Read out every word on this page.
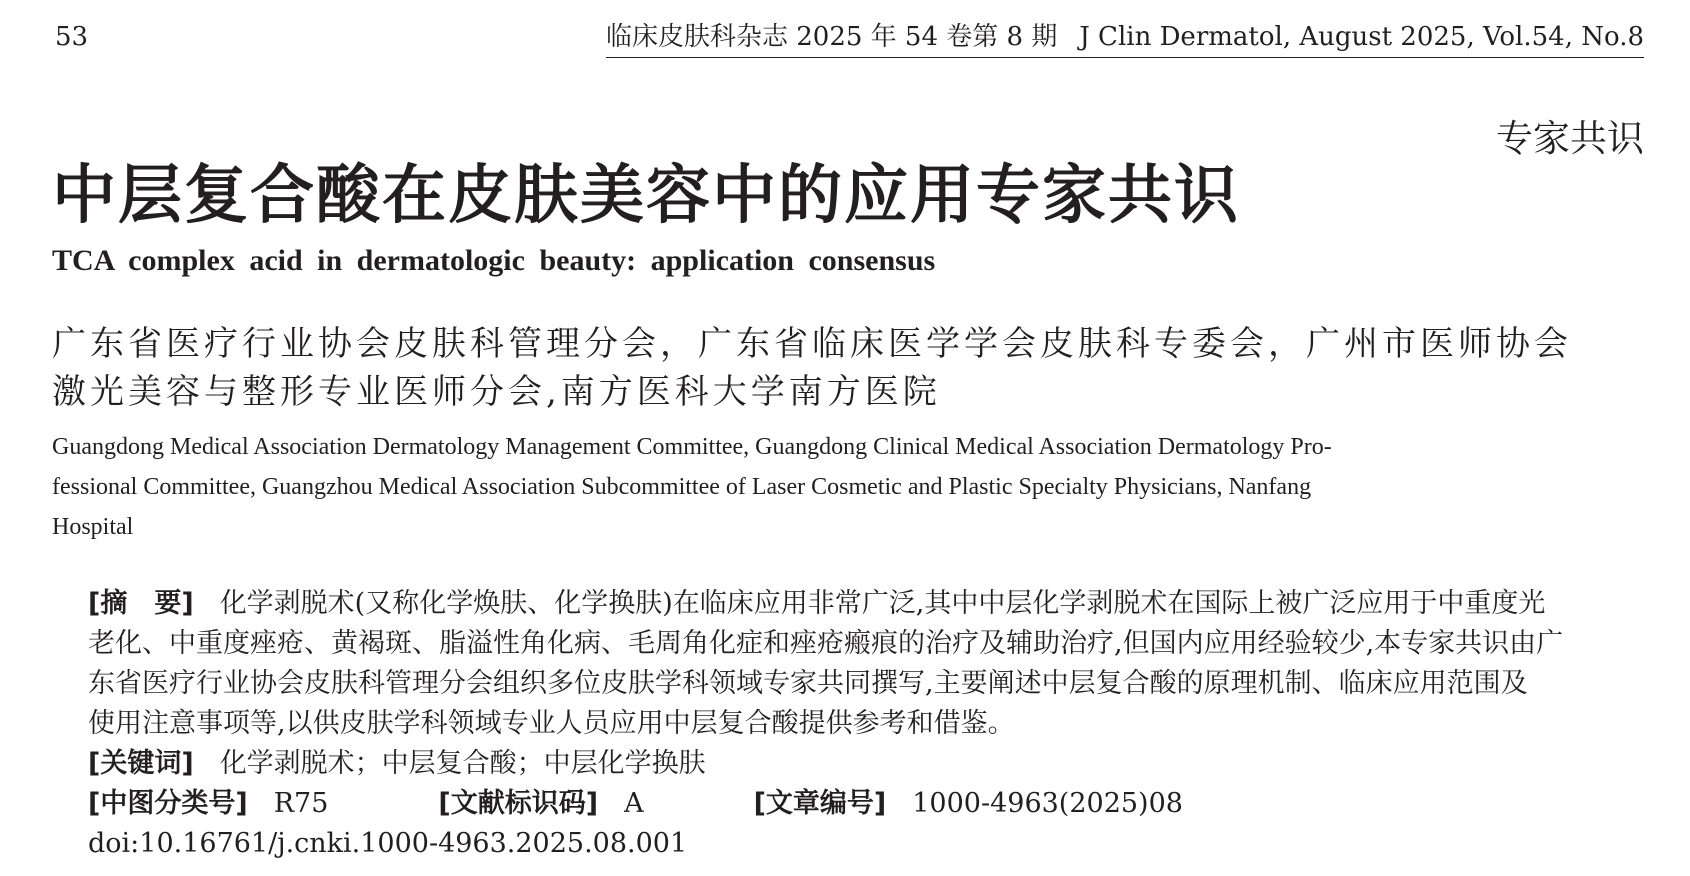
53	临床皮肤科杂志 2025 年 54 卷第 8 期 J Clin Dermatol, August 2025, Vol.54, No.8
专家共识
中层复合酸在皮肤美容中的应用专家共识
TCA complex acid in dermatologic beauty: application consensus
广东省医疗行业协会皮肤科管理分会，广东省临床医学学会皮肤科专委会，广州市医师协会
激光美容与整形专业医师分会,南方医科大学南方医院
Guangdong Medical Association Dermatology Management Committee, Guangdong Clinical Medical Association Dermatology Pro-
fessional Committee, Guangzhou Medical Association Subcommittee of Laser Cosmetic and Plastic Specialty Physicians, Nanfang
Hospital
[摘　要] 化学剥脱术(又称化学焕肤、化学换肤)在临床应用非常广泛,其中中层化学剥脱术在国际上被广泛应用于中重度光
老化、中重度痤疮、黄褐斑、脂溢性角化病、毛周角化症和痤疮瘢痕的治疗及辅助治疗,但国内应用经验较少,本专家共识由广
东省医疗行业协会皮肤科管理分会组织多位皮肤学科领域专家共同撰写,主要阐述中层复合酸的原理机制、临床应用范围及
使用注意事项等,以供皮肤学科领域专业人员应用中层复合酸提供参考和借鉴。
[关键词] 化学剥脱术；中层复合酸；中层化学换肤
[中图分类号] R75	[文献标识码] A	[文章编号] 1000-4963(2025)08
doi:10.16761/j.cnki.1000-4963.2025.08.001
